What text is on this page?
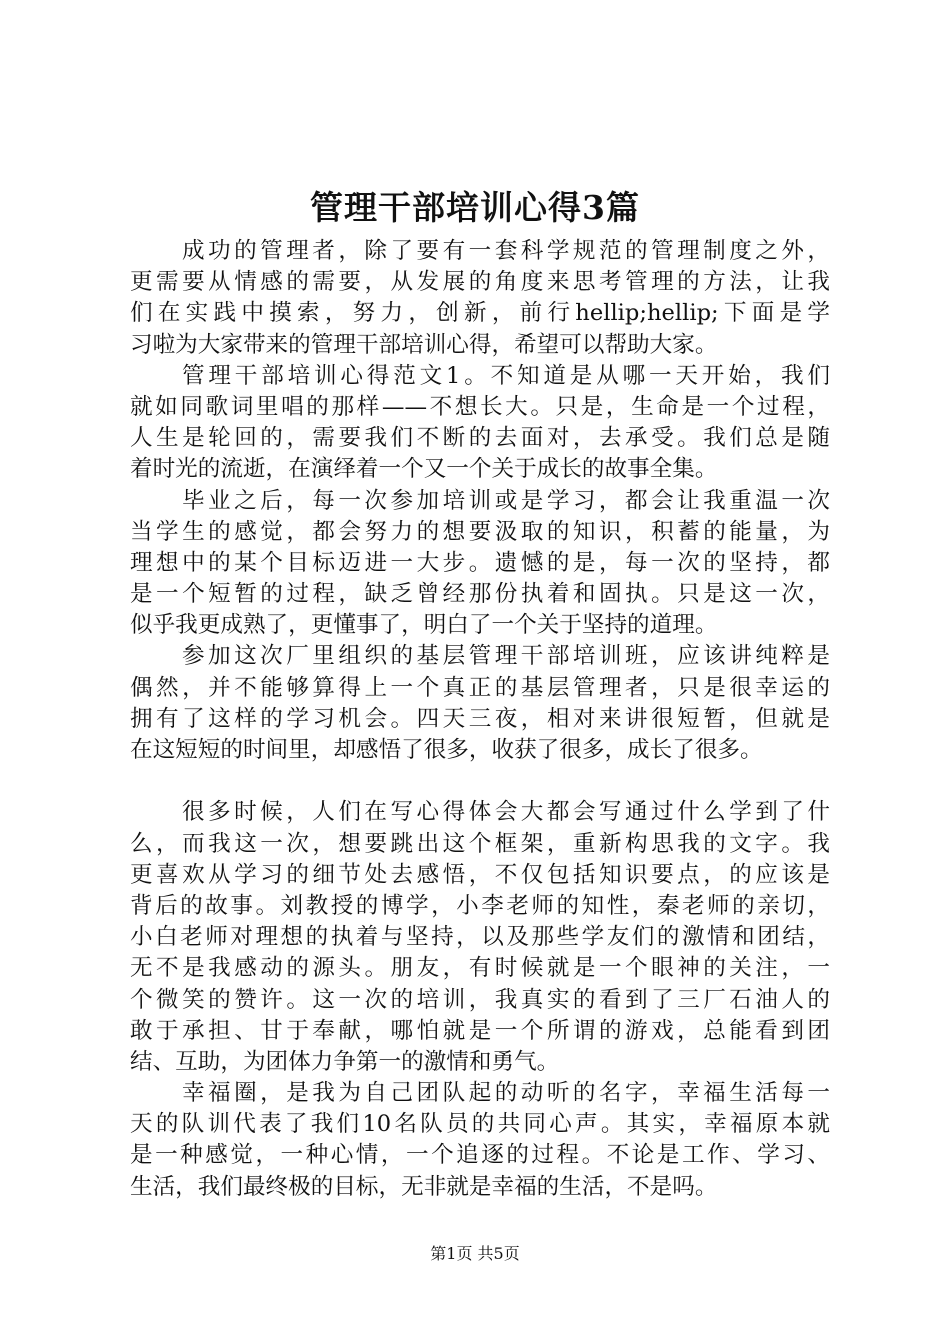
管理干部培训心得3篇
成功的管理者，除了要有一套科学规范的管理制度之外，
更需要从情感的需要，从发展的角度来思考管理的方法，让我
们在实践中摸索，努力，创新，前行hellip;hellip;下面是学
习啦为大家带来的管理干部培训心得，希望可以帮助大家。
管理干部培训心得范文1。不知道是从哪一天开始，我们
就如同歌词里唱的那样——不想长大。只是，生命是一个过程，
人生是轮回的，需要我们不断的去面对，去承受。我们总是随
着时光的流逝，在演绎着一个又一个关于成长的故事全集。
毕业之后，每一次参加培训或是学习，都会让我重温一次
当学生的感觉，都会努力的想要汲取的知识，积蓄的能量，为
理想中的某个目标迈进一大步。遗憾的是，每一次的坚持，都
是一个短暂的过程，缺乏曾经那份执着和固执。只是这一次，
似乎我更成熟了，更懂事了，明白了一个关于坚持的道理。
参加这次厂里组织的基层管理干部培训班，应该讲纯粹是
偶然，并不能够算得上一个真正的基层管理者，只是很幸运的
拥有了这样的学习机会。四天三夜，相对来讲很短暂，但就是
在这短短的时间里，却感悟了很多，收获了很多，成长了很多。
很多时候，人们在写心得体会大都会写通过什么学到了什
么，而我这一次，想要跳出这个框架，重新构思我的文字。我
更喜欢从学习的细节处去感悟，不仅包括知识要点，的应该是
背后的故事。刘教授的博学，小李老师的知性，秦老师的亲切，
小白老师对理想的执着与坚持，以及那些学友们的激情和团结，
无不是我感动的源头。朋友，有时候就是一个眼神的关注，一
个微笑的赞许。这一次的培训，我真实的看到了三厂石油人的
敢于承担、甘于奉献，哪怕就是一个所谓的游戏，总能看到团
结、互助，为团体力争第一的激情和勇气。
幸福圈，是我为自己团队起的动听的名字，幸福生活每一
天的队训代表了我们10名队员的共同心声。其实，幸福原本就
是一种感觉，一种心情，一个追逐的过程。不论是工作、学习、
生活，我们最终极的目标，无非就是幸福的生活，不是吗。
第1页 共5页
